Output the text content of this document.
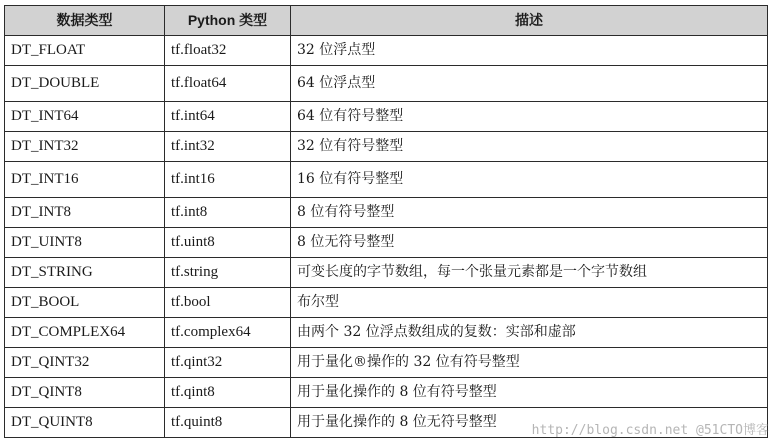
数据类型	Python 类型	描述
DT_FLOAT	tf.float32	32 位浮点型
DT_DOUBLE	tf.float64	64 位浮点型
DT_INT64	tf.int64	64 位有符号整型
DT_INT32	tf.int32	32 位有符号整型
DT_INT16	tf.int16	16 位有符号整型
DT_INT8	tf.int8	8 位有符号整型
DT_UINT8	tf.uint8	8 位无符号整型
DT_STRING	tf.string	可变长度的字节数组，每一个张量元素都是一个字节数组
DT_BOOL	tf.bool	布尔型
DT_COMPLEX64	tf.complex64	由两个 32 位浮点数组成的复数：实部和虚部
DT_QINT32	tf.qint32	用于量化®操作的 32 位有符号整型
DT_QINT8	tf.qint8	用于量化操作的 8 位有符号整型
DT_QUINT8	tf.quint8	用于量化操作的 8 位无符号整型
http://blog.csdn.net @51CTO博客
